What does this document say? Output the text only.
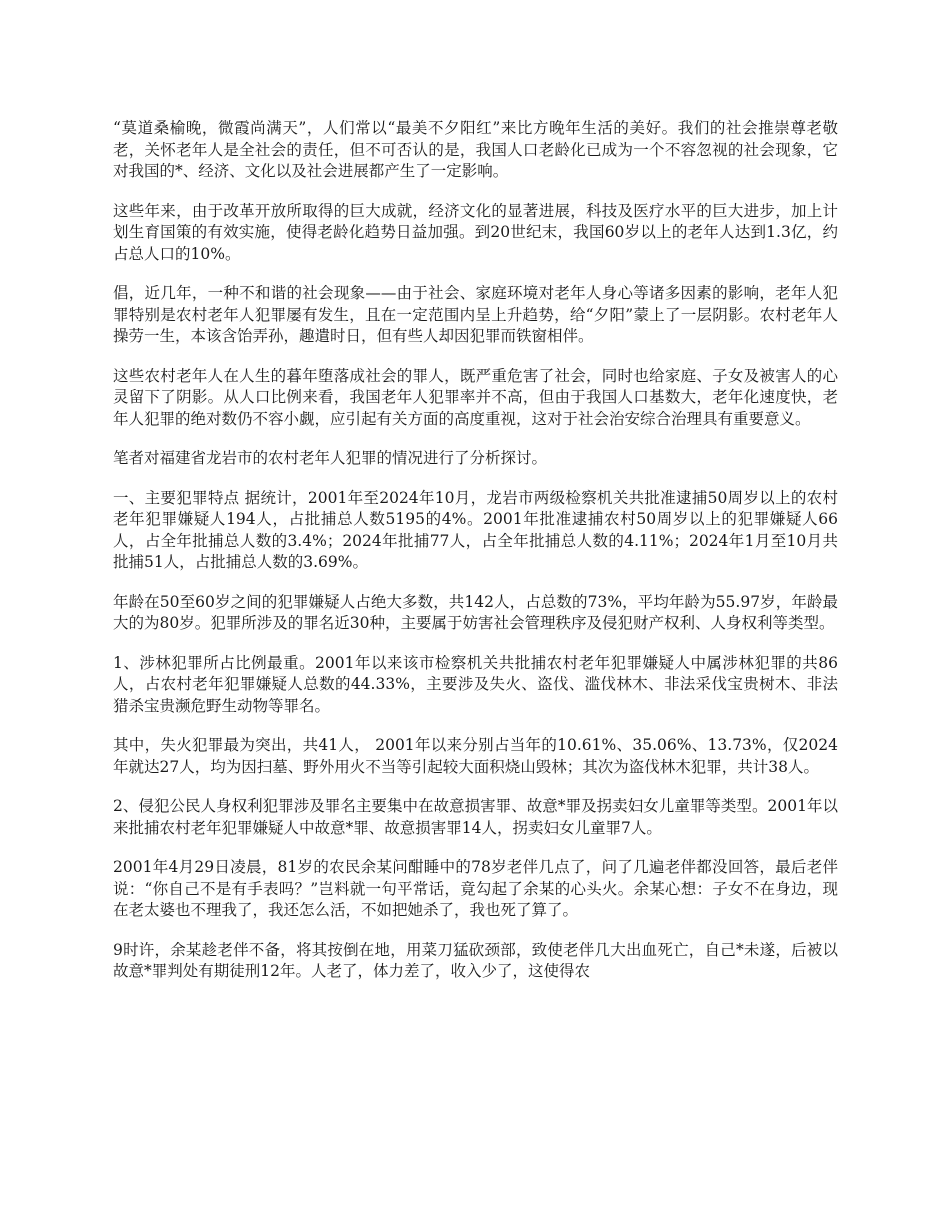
“莫道桑榆晚，微霞尚满天”，人们常以“最美不夕阳红”来比方晚年生活的美好。我们的社会推崇尊老敬老，关怀老年人是全社会的责任，但不可否认的是，我国人口老龄化已成为一个不容忽视的社会现象，它对我国的*、经济、文化以及社会进展都产生了一定影响。

这些年来，由于改革开放所取得的巨大成就，经济文化的显著进展，科技及医疗水平的巨大进步，加上计划生育国策的有效实施，使得老龄化趋势日益加强。到20世纪末，我国60岁以上的老年人达到1.3亿，约占总人口的10%。

倡，近几年，一种不和谐的社会现象——由于社会、家庭环境对老年人身心等诸多因素的影响，老年人犯罪特别是农村老年人犯罪屡有发生，且在一定范围内呈上升趋势，给“夕阳”蒙上了一层阴影。农村老年人操劳一生，本该含饴弄孙，趣遣时日，但有些人却因犯罪而铁窗相伴。

这些农村老年人在人生的暮年堕落成社会的罪人，既严重危害了社会，同时也给家庭、子女及被害人的心灵留下了阴影。从人口比例来看，我国老年人犯罪率并不高，但由于我国人口基数大，老年化速度快，老年人犯罪的绝对数仍不容小觑，应引起有关方面的高度重视，这对于社会治安综合治理具有重要意义。

笔者对福建省龙岩市的农村老年人犯罪的情况进行了分析探讨。

一、主要犯罪特点 据统计，2001年至2024年10月，龙岩市两级检察机关共批准逮捕50周岁以上的农村老年犯罪嫌疑人194人，占批捕总人数5195的4%。2001年批准逮捕农村50周岁以上的犯罪嫌疑人66人，占全年批捕总人数的3.4%；2024年批捕77人，占全年批捕总人数的4.11%；2024年1月至10月共批捕51人，占批捕总人数的3.69%。

年龄在50至60岁之间的犯罪嫌疑人占绝大多数，共142人，占总数的73%，平均年龄为55.97岁，年龄最大的为80岁。犯罪所涉及的罪名近30种，主要属于妨害社会管理秩序及侵犯财产权利、人身权利等类型。

1、涉林犯罪所占比例最重。2001年以来该市检察机关共批捕农村老年犯罪嫌疑人中属涉林犯罪的共86人，占农村老年犯罪嫌疑人总数的44.33%，主要涉及失火、盗伐、滥伐林木、非法采伐宝贵树木、非法猎杀宝贵濒危野生动物等罪名。

其中，失火犯罪最为突出，共41人， 2001年以来分别占当年的10.61%、35.06%、13.73%，仅2024年就达27人，均为因扫墓、野外用火不当等引起较大面积烧山毁林；其次为盗伐林木犯罪，共计38人。

2、侵犯公民人身权利犯罪涉及罪名主要集中在故意损害罪、故意*罪及拐卖妇女儿童罪等类型。2001年以来批捕农村老年犯罪嫌疑人中故意*罪、故意损害罪14人，拐卖妇女儿童罪7人。

2001年4月29日凌晨，81岁的农民余某问酣睡中的78岁老伴几点了，问了几遍老伴都没回答，最后老伴说：“你自己不是有手表吗？”岂料就一句平常话，竟勾起了余某的心头火。余某心想：子女不在身边，现在老太婆也不理我了，我还怎么活，不如把她杀了，我也死了算了。

9时许，余某趁老伴不备，将其按倒在地，用菜刀猛砍颈部，致使老伴几大出血死亡，自己*未遂，后被以故意*罪判处有期徒刑12年。人老了，体力差了，收入少了，这使得农
